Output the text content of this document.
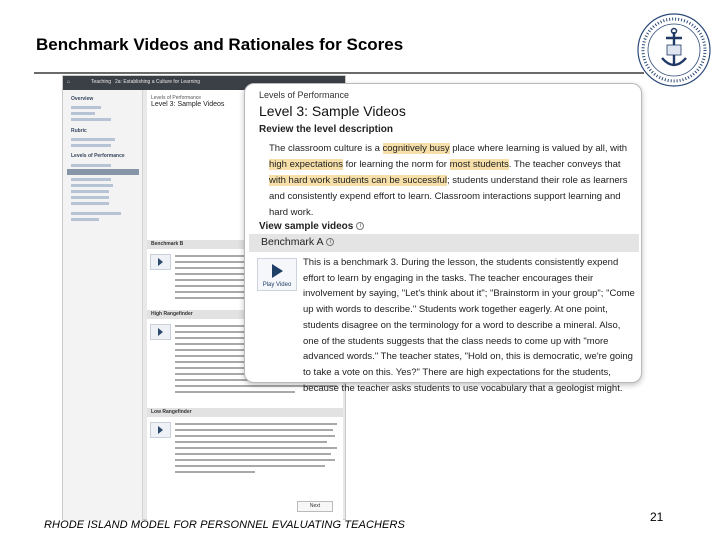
Benchmark Videos and Rationales for Scores
⌂	Teaching 2a: Establishing a Culture for Learning
Overview
Rubric
Levels of Performance
Levels of Performance
Level 3: Sample Videos
Benchmark B
High Rangefinder
Low Rangefinder
Next
Levels of Performance
Level 3: Sample Videos
Review the level description
The classroom culture is a cognitively busy place where learning is valued by all, with high expectations for learning the norm for most students. The teacher conveys that with hard work students can be successful; students understand their role as learners and consistently expend effort to learn. Classroom interactions support learning and hard work.
View sample videos i
Benchmark A i
Play Video
This is a benchmark 3. During the lesson, the students consistently expend effort to learn by engaging in the tasks. The teacher encourages their involvement by saying, "Let's think about it"; "Brainstorm in your group"; "Come up with words to describe." Students work together eagerly. At one point, students disagree on the terminology for a word to describe a mineral. Also, one of the students suggests that the class needs to come up with "more advanced words." The teacher states, "Hold on, this is democratic, we're going to take a vote on this. Yes?" There are high expectations for the students, because the teacher asks students to use vocabulary that a geologist might.
RHODE ISLAND MODEL FOR PERSONNEL EVALUATING TEACHERS
21
